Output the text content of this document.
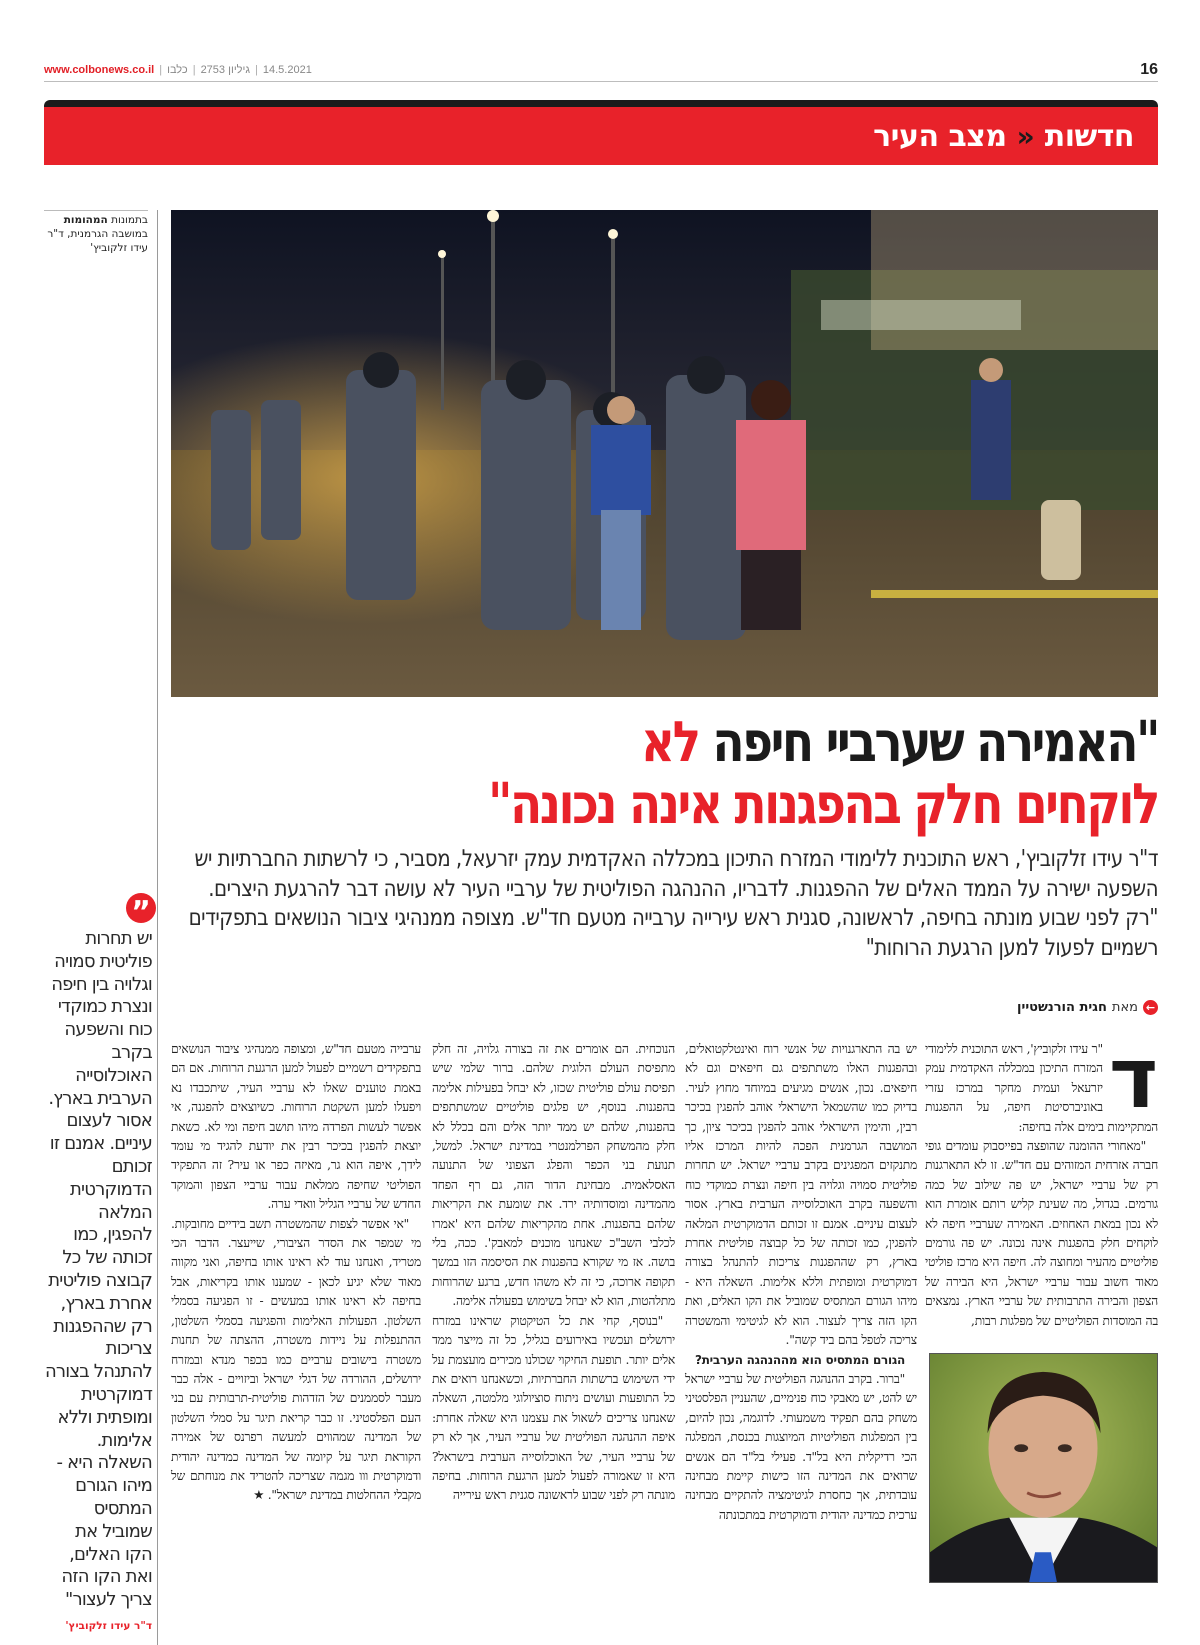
www.colbonews.co.il | כלבו | גיליון 2753 | 14.5.2021	16
חדשות
«
מצב העיר
בתמונות המהומות במושבה הגרמנית, ד"ר עידו זלקוביץ'
"האמירה שערביי חיפה לא
לוקחים חלק בהפגנות אינה נכונה"
ד"ר עידו זלקוביץ', ראש התוכנית ללימודי המזרח התיכון במכללה האקדמית עמק יזרעאל, מסביר, כי לרשתות החברתיות יש השפעה ישירה על הממד האלים של ההפגנות. לדבריו, ההנהגה הפוליטית של ערביי העיר לא עושה דבר להרגעת היצרים. "רק לפני שבוע מונתה בחיפה, לראשונה, סגנית ראש עירייה ערבייה מטעם חד"ש. מצופה ממנהיגי ציבור הנושאים בתפקידים רשמיים לפעול למען הרגעת הרוחות"
←
מאת
חגית הורנשטיין
ד

"ר עידו זלקוביץ', ראש התוכנית ללימודי המזרח התיכון במכללה האקדמית עמק יזרעאל ועמית מחקר במרכז עזרי באוניברסיטת חיפה, על ההפגנות המתקיימות בימים אלה בחיפה:

"מאחורי ההומנה שהופצה בפייסבוק עומדים גופי חברה אזרחית המזוהים עם חד"ש. זו לא התארגנות רק של ערביי ישראל, יש פה שילוב של כמה גורמים. בגדול, מה שעינת קליש רותם אומרת הוא לא נכון במאת האחוזים. האמירה שערביי חיפה לא לוקחים חלק בהפגנות אינה נכונה. יש פה גורמים פוליטיים מהעיר ומחוצה לה. חיפה היא מרכז פוליטי מאוד חשוב עבור ערביי ישראל, היא הבירה של הצפון והבירה התרבותית של ערביי הארץ. נמצאים בה המוסדות הפוליטיים של מפלגות רבות,

יש בה התארגנויות של אנשי רוח ואינטלקטואלים, ובהפגנות האלו משתתפים גם חיפאים וגם לא חיפאים. נכון, אנשים מגיעים במיוחד מחוץ לעיר. בדיוק כמו שהשמאל הישראלי אוהב להפגין בכיכר רבין, והימין הישראלי אוהב להפגין בכיכר ציון, כך המושבה הגרמנית הפכה להיות המרכז אליו מתנקזים המפגינים בקרב ערביי ישראל. יש תחרות פוליטית סמויה וגלויה בין חיפה ונצרת כמוקדי כוח והשפעה בקרב האוכלוסייה הערבית בארץ. אסור לעצום עיניים. אמנם זו זכותם הדמוקרטית המלאה להפגין, כמו זכותה של כל קבוצה פוליטית אחרת בארץ, רק שההפגנות צריכות להתנהל בצורה דמוקרטית ומופתית וללא אלימות. השאלה היא - מיהו הגורם המתסיס שמוביל את הקו האלים, ואת הקו הזה צריך לעצור. הוא לא לגיטימי והמשטרה צריכה לטפל בהם ביד קשה".

הגורם המתסיס הוא מההנהגה הערבית?

"ברור. בקרב ההנהגה הפוליטית של ערביי ישראל יש להט, יש מאבקי כוח פנימיים, שהעניין הפלסטיני משחק בהם תפקיד משמעותי. לדוגמה, נכון להיום, בין המפלגות הפוליטיות המיוצגות בכנסת, המפלגה הכי רדיקלית היא בל"ד. פעילי בל"ד הם אנשים שרואים את המדינה הזו כישות קיימת מבחינה עובדתית, אך כחסרת לגיטימציה להתקיים מבחינה ערכית כמדינה יהודית ודמוקרטית במתכונתה

הנוכחית. הם אומרים את זה בצורה גלויה, זה חלק מתפיסת העולם הלוגית שלהם. ברור שלמי שיש תפיסת עולם פוליטית שכזו, לא יבחל בפעילות אלימה בהפגנות. בנוסף, יש פלגים פוליטיים שמשתתפים בהפגנות, שלהם יש ממד יותר אלים והם בכלל לא חלק מהמשחק הפרלמנטרי במדינת ישראל. למשל, תנועת בני הכפר והפלג הצפוני של התנועה האסלאמית. מבחינת הדור הזה, גם רף הפחד מהמדינה ומוסדותיה ירד. את שומעת את הקריאות שלהם בהפגנות. אחת מהקריאות שלהם היא 'אמרו לכלבי השב"כ שאנחנו מוכנים למאבק'. ככה, בלי בושה. אז מי שקורא בהפגנות את הסיסמה הזו במשך תקופה ארוכה, כי זה לא משהו חדש, ברגע שהרוחות מתלהטות, הוא לא יבחל בשימוש בפעולה אלימה.

"בנוסף, קחי את כל הטיקטוק שראינו במזרח ירושלים ועכשיו באירועים בגליל, כל זה מייצר ממד אלים יותר. תופעת החיקוי שכולנו מכירים מועצמת על ידי השימוש ברשתות החברתיות, וכשאנחנו רואים את כל התופעות ועושים ניתוח סוציולוגי מלמטה, השאלה שאנחנו צריכים לשאול את עצמנו היא שאלה אחרת: איפה ההנהגה הפוליטית של ערביי העיר, אך לא רק של ערביי העיר, של האוכלוסייה הערבית בישראל? היא זו שאמורה לפעול למען הרגעת הרוחות. בחיפה מונתה רק לפני שבוע לראשונה סגנית ראש עירייה

ערבייה מטעם חד"ש, ומצופה ממנהיגי ציבור הנושאים בתפקידים רשמיים לפעול למען הרגעת הרוחות. אם הם באמת טוענים שאלו לא ערביי העיר, שיתכבדו נא ויפעלו למען השקטת הרוחות. כשיוצאים להפגנה, אי אפשר לעשות הפרדה מיהו תושב חיפה ומי לא. כשאת יוצאת להפגין בכיכר רבין את יודעת להגיד מי עומד לידך, איפה הוא גר, מאיזה כפר או עיר? זה התפקיד הפוליטי שחיפה ממלאת עבור ערביי הצפון והמוקד החדש של ערביי הגליל וואדי ערה.

"אי אפשר לצפות שהמשטרה תשב בידיים מחובקות. מי שמפר את הסדר הציבורי, שייעצר. הדבר הכי מטריד, ואנחנו עוד לא ראינו אותו בחיפה, ואני מקווה מאוד שלא יגיע לכאן - שמענו אותו בקריאות, אבל בחיפה לא ראינו אותו במעשים - זו הפגיעה בסמלי השלטון. הפעולות האלימות והפגיעה בסמלי השלטון, ההתנפלות על ניידות משטרה, ההצתה של תחנות משטרה בישובים ערביים כמו בכפר מנדא ובמזרח ירושלים, ההורדה של דגלי ישראל וביזויים - אלה כבר מעבר לסממנים של הזדהות פוליטית-תרבותית עם בני העם הפלסטיני. זו כבר קריאת תיגר על סמלי השלטון של המדינה שמהווים למעשה רפרנס של אמירה הקוראת תיגר על קיומה של המדינה כמדינה יהודית ודמוקרטית ווו מגמה שצריכה להטריד את מנוחתם של מקבלי ההחלטות במדינת ישראל". ★

”
יש תחרות פוליטית סמויה וגלויה בין חיפה ונצרת כמוקדי כוח והשפעה בקרב האוכלוסייה הערבית בארץ. אסור לעצום עיניים. אמנם זו זכותם הדמוקרטית המלאה להפגין, כמו זכותה של כל קבוצה פוליטית אחרת בארץ, רק שההפגנות צריכות להתנהל בצורה דמוקרטית ומופתית וללא אלימות. השאלה היא - מיהו הגורם המתסיס שמוביל את הקו האלים, ואת הקו הזה צריך לעצור"
ד"ר עידו זלקוביץ'
